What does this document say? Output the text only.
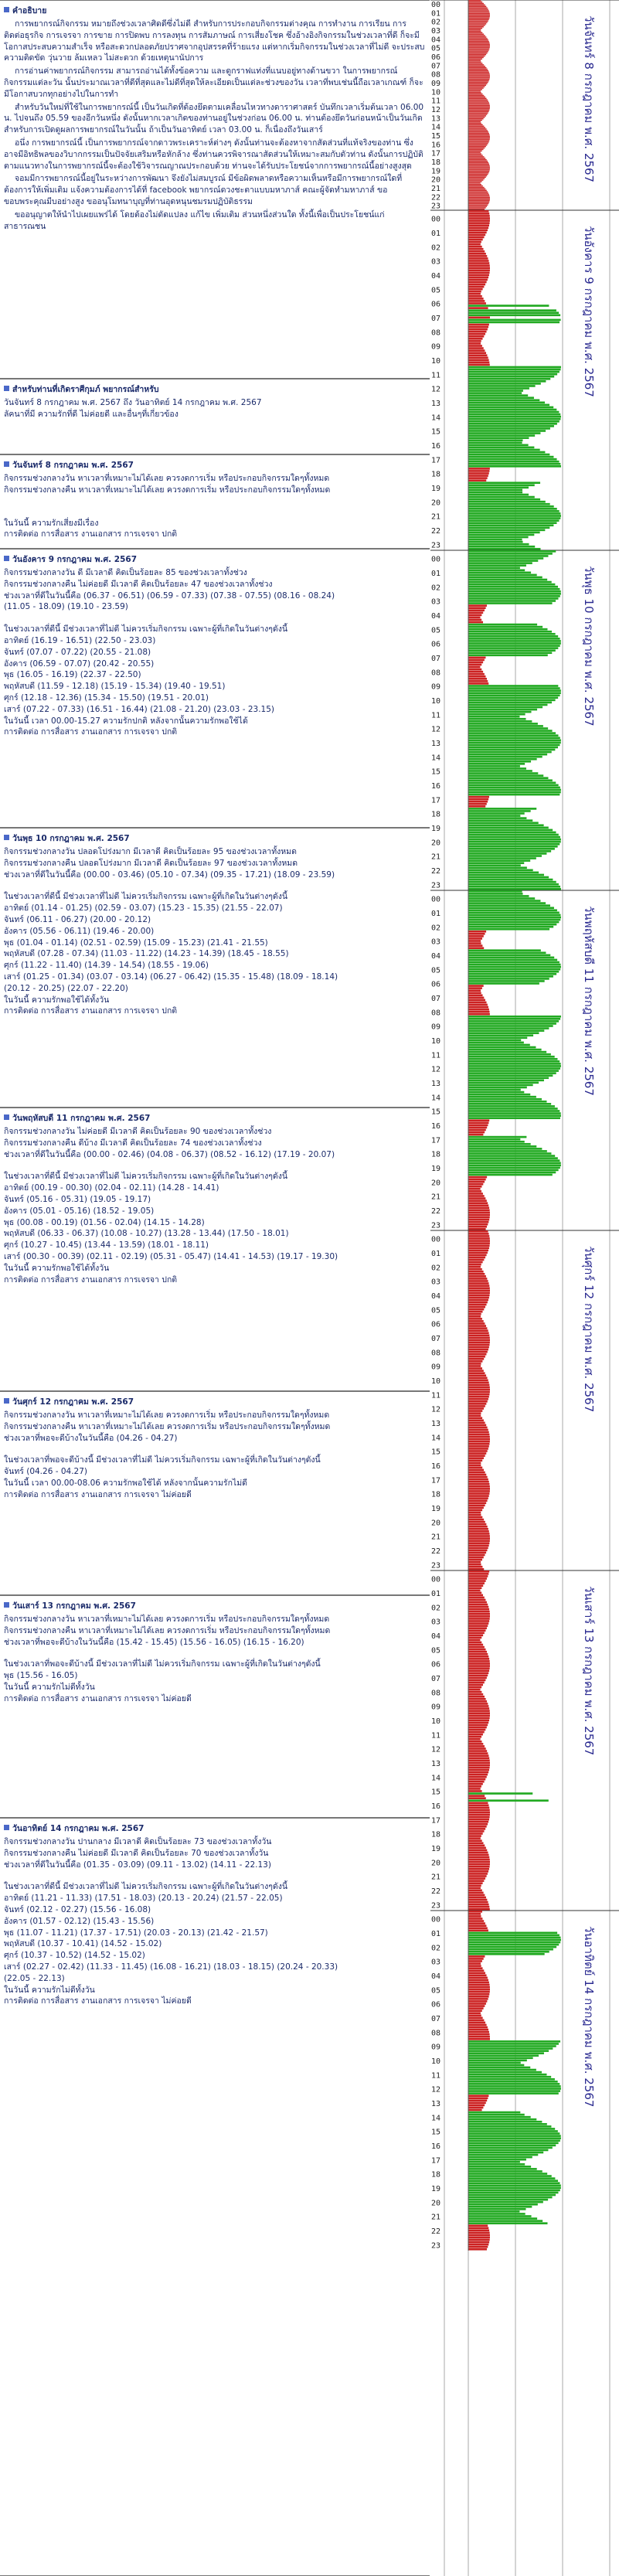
คำอธิบาย
การพยากรณ์กิจกรรม หมายถึงช่วงเวลาศิดดีซึ่งไม่ดี สำหรับการประกอบกิจกรรมต่างคุณ การทำงาน การเรียน การติดต่อธุรกิจ การเจรจา การขาย การปิดพบ การลงทุน การสัมภาษณ์ การเสี่ยงโชค ซึ่งอ้างอิงกิจกรรมในช่วงเวลาที่ดี ก็จะมีโอกาสประสบความสำเร็จ หรือสะดวกปลอดภัยปราศจากอุปสรรคที่ร้ายแรง แต่หากเริ่มกิจกรรมในช่วงเวลาที่ไม่ดี จะประสบความติดขัด วุ่นวาย ล้มเหลว ไม่สะดวก ด้วยเหตุนานัปการ
การอ่านค่าพยากรณ์กิจกรรม สามารถอ่านได้ทั้งข้อความ และดูกราฟแท่งที่แนบอยู่ทางด้านขวา ในการพยากรณ์กิจกรรมแต่ละวัน นั้นประมาณเวลาที่ดีที่สุดและไม่ดีที่สุดให้ละเอียดเป็นแต่ละช่วงของวัน เวลาที่พบเช่นนี้ถือเวลาเกณฑ์ ก็จะมีโอกาสบวกทุกอย่างไปในการทำ
สำหรับวันใหม่ที่ใช้ในการพยากรณ์นี้ เป็นวันเกิดที่ต้องยึดตามเคลื่อนไหวทางดาราศาสตร์ บันทึกเวลาเริ่มต้นเวลา 06.00 น. ไปจนถึง 05.59 ของอีกวันหนึ่ง ดังนั้นหากเวลาเกิดของท่านอยู่ในช่วงก่อน 06.00 น. ท่านต้องยึดวันก่อนหน้าเป็นวันเกิดสำหรับการเปิดดูผลการพยากรณ์ในวันนั้น ถ้าเป็นวันอาทิตย์ เวลา 03.00 น. ก็เนื่องถึงวันเสาร์
อนึ่ง การพยากรณ์นี้ เป็นการพยากรณ์จากดาวพระเคราะห์ต่างๆ ดังนั้นท่านจะต้องหาจากสัดส่วนที่แท้จริงของท่าน ซึ่งอาจมีอิทธิพลของวิบากกรรมเป็นปัจจัยเสริมหรือหักล้าง ซึ่งท่านควรพิจารณาสัดส่วนให้เหมาะสมกับตัวท่าน ดังนั้นการปฏิบัติตามแนวทางในการพยากรณ์นี้จะต้องใช้วิจารณญาณประกอบด้วย ท่านจะได้รับประโยชน์จากการพยากรณ์นี้อย่างสูงสุด
จอมมีการพยากรณ์นี้อยู่ในระหว่างการพัฒนา จึงยังไม่สมบูรณ์ มีข้อผิดพลาดหรือความเห็นหรือมีการพยากรณ์ใดที่ต้องการให้เพิ่มเติม แจ้งความต้องการได้ที่ facebook พยากรณ์ดวงชะตาแบบมหาภาส์ คณะผู้จัดทำมหาภาส์ ขอขอบพระคุณมีบอย่างสูง ขออนุโมทนาบุญที่ท่านอุดหนุนชมรมปฏิบัติธรรม
ขออนุญาตให้นำไปเผยแพร่ได้ โดยต้องไม่ดัดแปลง แก้ไข เพิ่มเติม ส่วนหนึ่งส่วนใด ทั้งนี้เพื่อเป็นประโยชน์แก่สาธารณชน
สำหรับท่านที่เกิดราศีกุมภ์ พยากรณ์สำหรับ
วันจันทร์ 8 กรกฎาคม พ.ศ. 2567 ถึง วันอาทิตย์ 14 กรกฎาคม พ.ศ. 2567
ลัคนาที่มี ความรักที่ดี ไม่ค่อยดี และอื่นๆที่เกี่ยวข้อง
วันจันทร์ 8 กรกฎาคม พ.ศ. 2567
กิจกรรมช่วงกลางวัน หาเวลาที่เหมาะไม่ได้เลย ควรงดการเริ่ม หรือประกอบกิจกรรมใดๆทั้งหมด
กิจกรรมช่วงกลางคืน หาเวลาที่เหมาะไม่ได้เลย ควรงดการเริ่ม หรือประกอบกิจกรรมใดๆทั้งหมด
ในวันนี้ ความรักเสี่ยงมีเรื่อง
การติดต่อ การสื่อสาร งานเอกสาร การเจรจา ปกติ
วันอังคาร 9 กรกฎาคม พ.ศ. 2567
กิจกรรมช่วงกลางวัน ดี มีเวลาดี คิดเป็นร้อยละ 85 ของช่วงเวลาทั้งช่วง
กิจกรรมช่วงกลางคืน ไม่ค่อยดี มีเวลาดี คิดเป็นร้อยละ 47 ของช่วงเวลาทั้งช่วง
ช่วงเวลาที่ดีในวันนี้คือ (06.37 - 06.51) (06.59 - 07.33) (07.38 - 07.55) (08.16 - 08.24)
(11.05 - 18.09) (19.10 - 23.59)
ในช่วงเวลาที่ดีนี้ มีช่วงเวลาที่ไม่ดี ไม่ควรเริ่มกิจกรรม เฉพาะผู้ที่เกิดในวันต่างๆดังนี้
อาทิตย์ (16.19 - 16.51) (22.50 - 23.03)
จันทร์ (07.07 - 07.22) (20.55 - 21.08)
อังคาร (06.59 - 07.07) (20.42 - 20.55)
พุธ (16.05 - 16.19) (22.37 - 22.50)
พฤหัสบดี (11.59 - 12.18) (15.19 - 15.34) (19.40 - 19.51)
ศุกร์ (12.18 - 12.36) (15.34 - 15.50) (19.51 - 20.01)
เสาร์ (07.22 - 07.33) (16.51 - 16.44) (21.08 - 21.20) (23.03 - 23.15)
ในวันนี้ เวลา 00.00-15.27 ความรักปกติ หลังจากนั้นความรักพอใช้ได้
การติดต่อ การสื่อสาร งานเอกสาร การเจรจา ปกติ
วันพุธ 10 กรกฎาคม พ.ศ. 2567
กิจกรรมช่วงกลางวัน ปลอดโปร่งมาก มีเวลาดี คิดเป็นร้อยละ 95 ของช่วงเวลาทั้งหมด
กิจกรรมช่วงกลางคืน ปลอดโปร่งมาก มีเวลาดี คิดเป็นร้อยละ 97 ของช่วงเวลาทั้งหมด
ช่วงเวลาที่ดีในวันนี้คือ (00.00 - 03.46) (05.10 - 07.34) (09.35 - 17.21) (18.09 - 23.59)
ในช่วงเวลาที่ดีนี้ มีช่วงเวลาที่ไม่ดี ไม่ควรเริ่มกิจกรรม เฉพาะผู้ที่เกิดในวันต่างๆดังนี้
อาทิตย์ (01.14 - 01.25) (02.59 - 03.07) (15.23 - 15.35) (21.55 - 22.07)
จันทร์ (06.11 - 06.27) (20.00 - 20.12)
อังคาร (05.56 - 06.11) (19.46 - 20.00)
พุธ (01.04 - 01.14) (02.51 - 02.59) (15.09 - 15.23) (21.41 - 21.55)
พฤหัสบดี (07.28 - 07.34) (11.03 - 11.22) (14.23 - 14.39) (18.45 - 18.55)
ศุกร์ (11.22 - 11.40) (14.39 - 14.54) (18.55 - 19.06)
เสาร์ (01.25 - 01.34) (03.07 - 03.14) (06.27 - 06.42) (15.35 - 15.48) (18.09 - 18.14)
(20.12 - 20.25) (22.07 - 22.20)
ในวันนี้ ความรักพอใช้ได้ทั้งวัน
การติดต่อ การสื่อสาร งานเอกสาร การเจรจา ปกติ
วันพฤหัสบดี 11 กรกฎาคม พ.ศ. 2567
กิจกรรมช่วงกลางวัน ไม่ค่อยดี มีเวลาดี คิดเป็นร้อยละ 90 ของช่วงเวลาทั้งช่วง
กิจกรรมช่วงกลางคืน ดีบ้าง มีเวลาดี คิดเป็นร้อยละ 74 ของช่วงเวลาทั้งช่วง
ช่วงเวลาที่ดีในวันนี้คือ (00.00 - 02.46) (04.08 - 06.37) (08.52 - 16.12) (17.19 - 20.07)
ในช่วงเวลาที่ดีนี้ มีช่วงเวลาที่ไม่ดี ไม่ควรเริ่มกิจกรรม เฉพาะผู้ที่เกิดในวันต่างๆดังนี้
อาทิตย์ (00.19 - 00.30) (02.04 - 02.11) (14.28 - 14.41)
จันทร์ (05.16 - 05.31) (19.05 - 19.17)
อังคาร (05.01 - 05.16) (18.52 - 19.05)
พุธ (00.08 - 00.19) (01.56 - 02.04) (14.15 - 14.28)
พฤหัสบดี (06.33 - 06.37) (10.08 - 10.27) (13.28 - 13.44) (17.50 - 18.01)
ศุกร์ (10.27 - 10.45) (13.44 - 13.59) (18.01 - 18.11)
เสาร์ (00.30 - 00.39) (02.11 - 02.19) (05.31 - 05.47) (14.41 - 14.53) (19.17 - 19.30)
ในวันนี้ ความรักพอใช้ได้ทั้งวัน
การติดต่อ การสื่อสาร งานเอกสาร การเจรจา ปกติ
วันศุกร์ 12 กรกฎาคม พ.ศ. 2567
กิจกรรมช่วงกลางวัน หาเวลาที่เหมาะไม่ได้เลย ควรงดการเริ่ม หรือประกอบกิจกรรมใดๆทั้งหมด
กิจกรรมช่วงกลางคืน หาเวลาที่เหมาะไม่ได้เลย ควรงดการเริ่ม หรือประกอบกิจกรรมใดๆทั้งหมด
ช่วงเวลาที่พอจะดีบ้างในวันนี้คือ (04.26 - 04.27)
ในช่วงเวลาที่พอจะดีบ้างนี้ มีช่วงเวลาที่ไม่ดี ไม่ควรเริ่มกิจกรรม เฉพาะผู้ที่เกิดในวันต่างๆดังนี้
จันทร์ (04.26 - 04.27)
ในวันนี้ เวลา 00.00-08.06 ความรักพอใช้ได้ หลังจากนั้นความรักไม่ดี
การติดต่อ การสื่อสาร งานเอกสาร การเจรจา ไม่ค่อยดี
วันเสาร์ 13 กรกฎาคม พ.ศ. 2567
กิจกรรมช่วงกลางวัน หาเวลาที่เหมาะไม่ได้เลย ควรงดการเริ่ม หรือประกอบกิจกรรมใดๆทั้งหมด
กิจกรรมช่วงกลางคืน หาเวลาที่เหมาะไม่ได้เลย ควรงดการเริ่ม หรือประกอบกิจกรรมใดๆทั้งหมด
ช่วงเวลาที่พอจะดีบ้างในวันนี้คือ (15.42 - 15.45) (15.56 - 16.05) (16.15 - 16.20)
ในช่วงเวลาที่พอจะดีบ้างนี้ มีช่วงเวลาที่ไม่ดี ไม่ควรเริ่มกิจกรรม เฉพาะผู้ที่เกิดในวันต่างๆดังนี้
พุธ (15.56 - 16.05)
ในวันนี้ ความรักไม่ดีทั้งวัน
การติดต่อ การสื่อสาร งานเอกสาร การเจรจา ไม่ค่อยดี
วันอาทิตย์ 14 กรกฎาคม พ.ศ. 2567
กิจกรรมช่วงกลางวัน ปานกลาง มีเวลาดี คิดเป็นร้อยละ 73 ของช่วงเวลาทั้งวัน
กิจกรรมช่วงกลางคืน ไม่ค่อยดี มีเวลาดี คิดเป็นร้อยละ 70 ของช่วงเวลาทั้งวัน
ช่วงเวลาที่ดีในวันนี้คือ (01.35 - 03.09) (09.11 - 13.02) (14.11 - 22.13)
ในช่วงเวลาที่ดีนี้ มีช่วงเวลาที่ไม่ดี ไม่ควรเริ่มกิจกรรม เฉพาะผู้ที่เกิดในวันต่างๆดังนี้
อาทิตย์ (11.21 - 11.33) (17.51 - 18.03) (20.13 - 20.24) (21.57 - 22.05)
จันทร์ (02.12 - 02.27) (15.56 - 16.08)
อังคาร (01.57 - 02.12) (15.43 - 15.56)
พุธ (11.07 - 11.21) (17.37 - 17.51) (20.03 - 20.13) (21.42 - 21.57)
พฤหัสบดี (10.37 - 10.41) (14.52 - 15.02)
ศุกร์ (10.37 - 10.52) (14.52 - 15.02)
เสาร์ (02.27 - 02.42) (11.33 - 11.45) (16.08 - 16.21) (18.03 - 18.15) (20.24 - 20.33)
(22.05 - 22.13)
ในวันนี้ ความรักไม่ดีทั้งวัน
การติดต่อ การสื่อสาร งานเอกสาร การเจรจา ไม่ค่อยดี
00
01
02
03
04
05
06
07
08
09
10
11
12
13
14
15
16
17
18
19
20
21
22
23
วันจันทร์ 8 กรกฎาคม พ.ศ. 2567
00
01
02
03
04
05
06
07
08
09
10
11
12
13
14
15
16
17
18
19
20
21
22
23
วันอังคาร 9 กรกฎาคม พ.ศ. 2567
00
01
02
03
04
05
06
07
08
09
10
11
12
13
14
15
16
17
18
19
20
21
22
23
วันพุธ 10 กรกฎาคม พ.ศ. 2567
00
01
02
03
04
05
06
07
08
09
10
11
12
13
14
15
16
17
18
19
20
21
22
23
วันพฤหัสบดี 11 กรกฎาคม พ.ศ. 2567
00
01
02
03
04
05
06
07
08
09
10
11
12
13
14
15
16
17
18
19
20
21
22
23
วันศุกร์ 12 กรกฎาคม พ.ศ. 2567
00
01
02
03
04
05
06
07
08
09
10
11
12
13
14
15
16
17
18
19
20
21
22
23
วันเสาร์ 13 กรกฎาคม พ.ศ. 2567
00
01
02
03
04
05
06
07
08
09
10
11
12
13
14
15
16
17
18
19
20
21
22
23
วันอาทิตย์ 14 กรกฎาคม พ.ศ. 2567
